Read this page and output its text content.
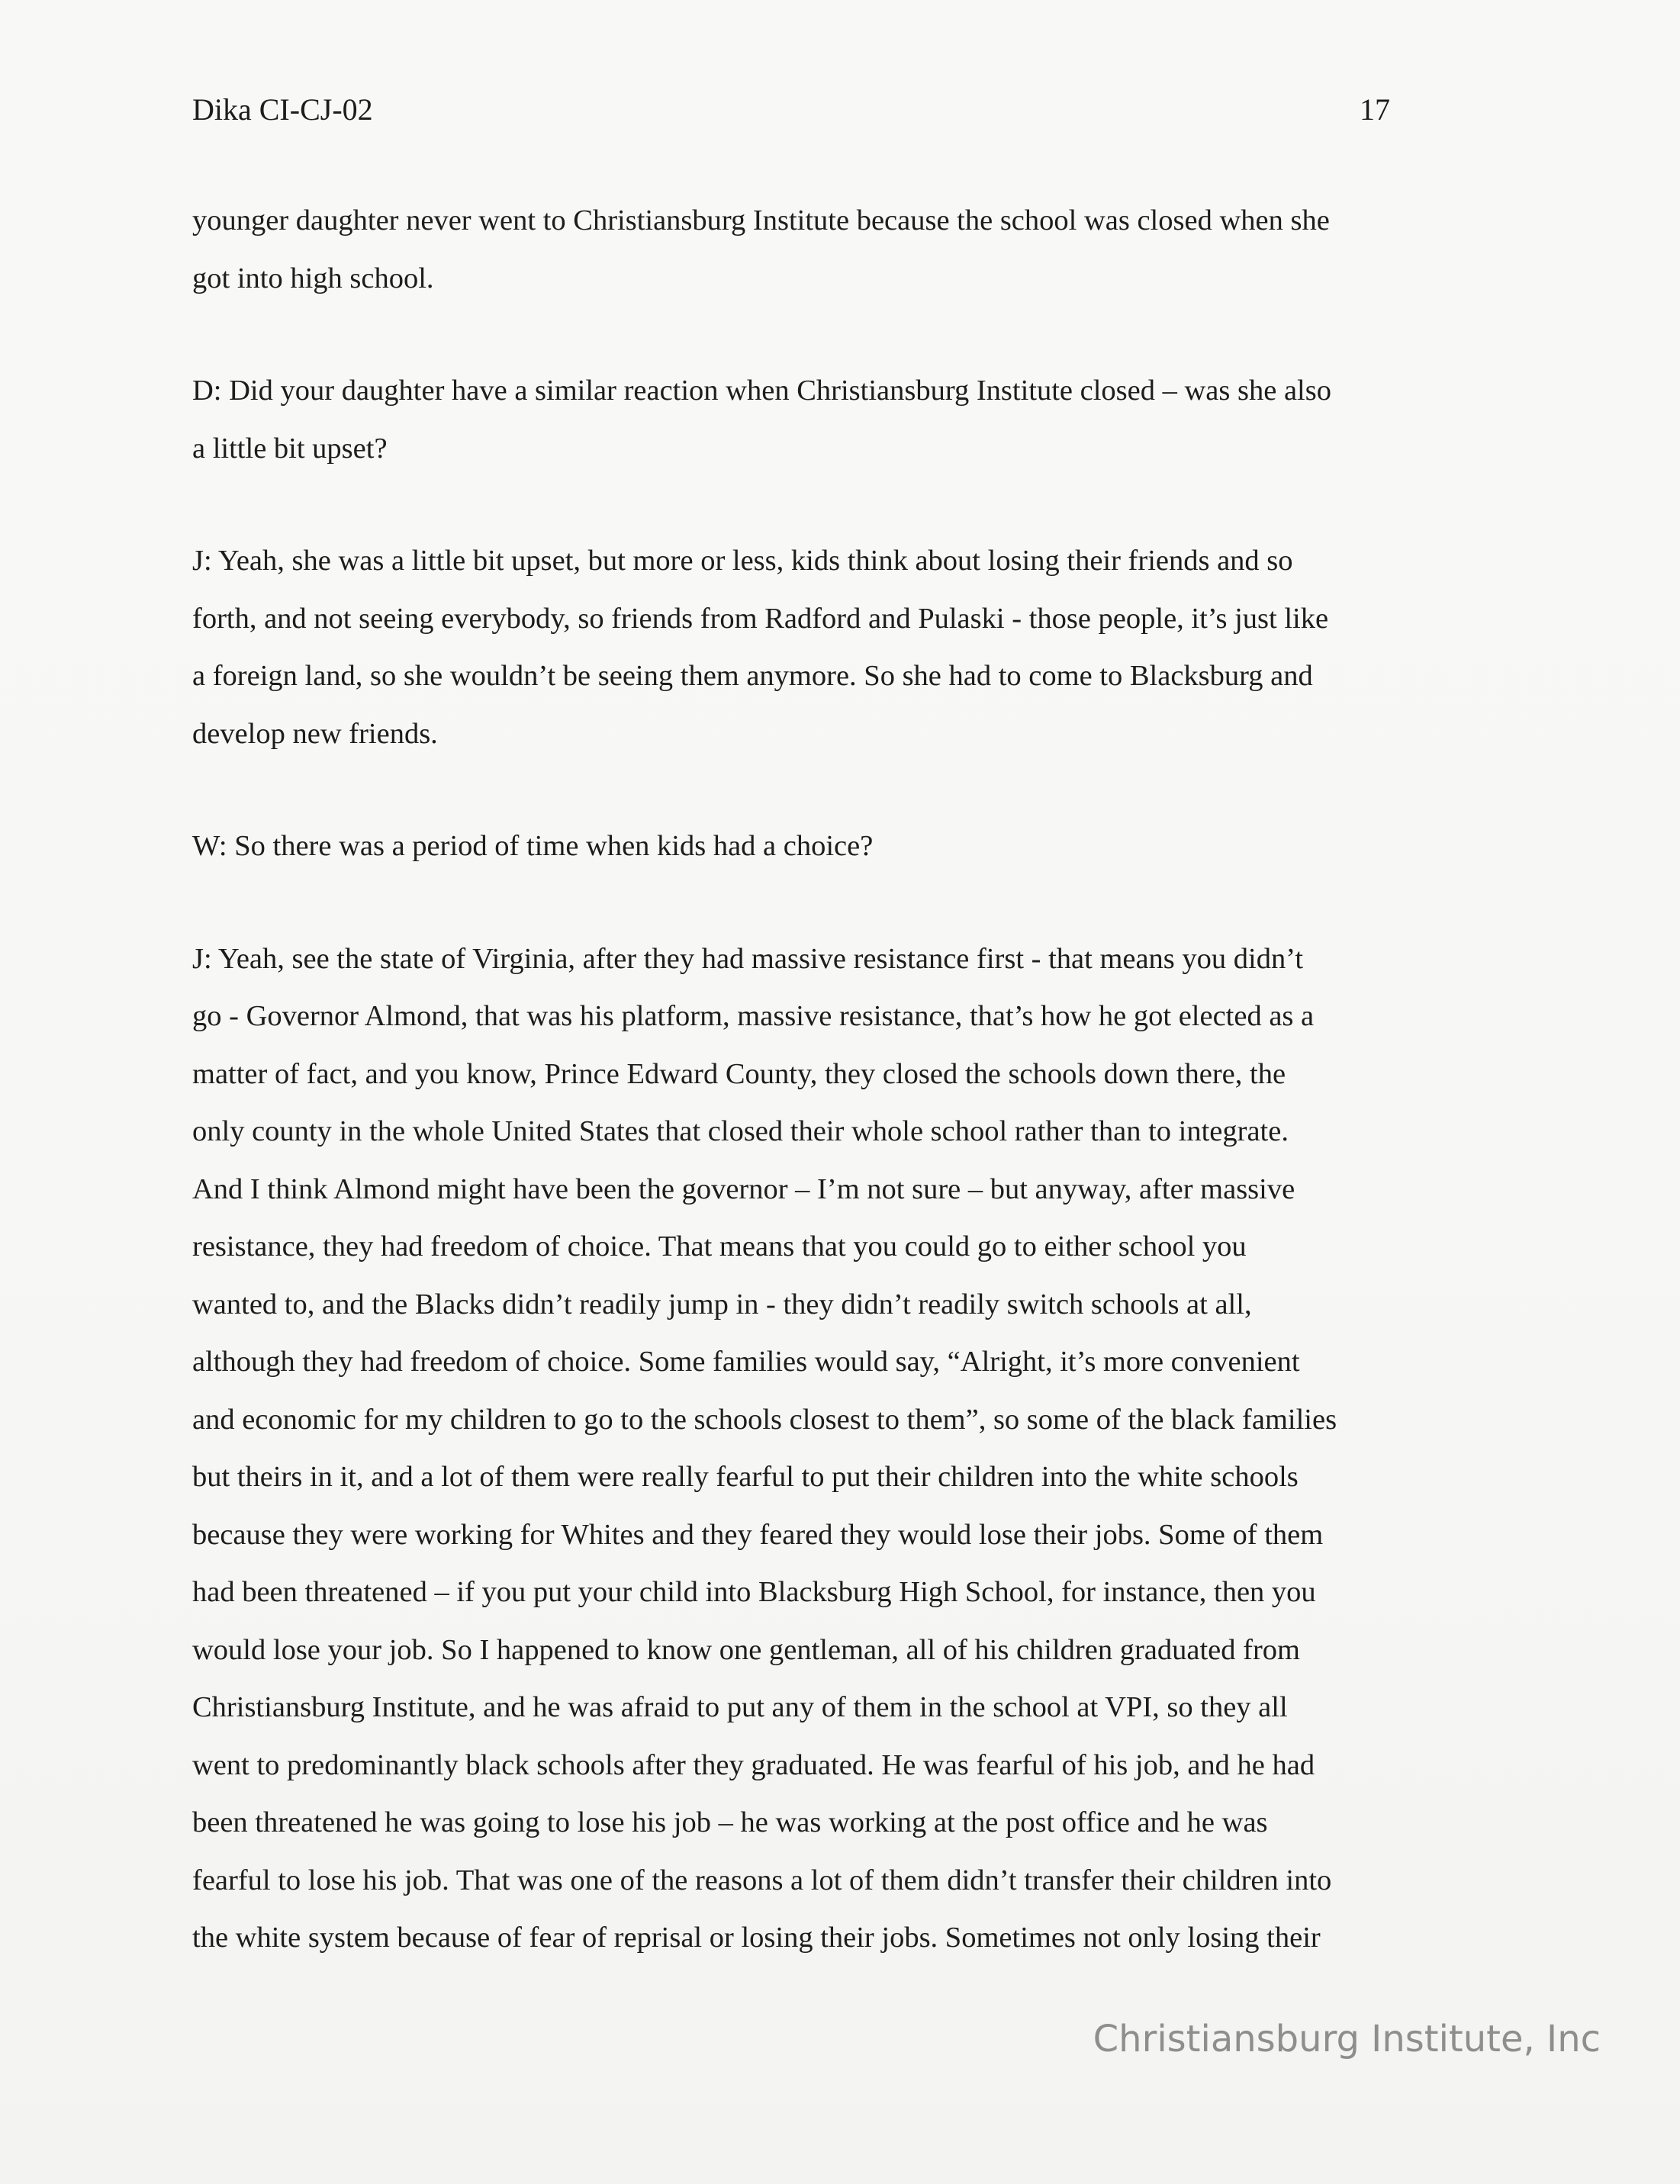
Dika CI-CJ-02	17
younger daughter never went to Christiansburg Institute because the school was closed when she
got into high school.
D: Did your daughter have a similar reaction when Christiansburg Institute closed – was she also
a little bit upset?
J: Yeah, she was a little bit upset, but more or less, kids think about losing their friends and so
forth, and not seeing everybody, so friends from Radford and Pulaski - those people, it’s just like
a foreign land, so she wouldn’t be seeing them anymore. So she had to come to Blacksburg and
develop new friends.
W: So there was a period of time when kids had a choice?
J: Yeah, see the state of Virginia, after they had massive resistance first - that means you didn’t
go - Governor Almond, that was his platform, massive resistance, that’s how he got elected as a
matter of fact, and you know, Prince Edward County, they closed the schools down there, the
only county in the whole United States that closed their whole school rather than to integrate.
And I think Almond might have been the governor – I’m not sure – but anyway, after massive
resistance, they had freedom of choice. That means that you could go to either school you
wanted to, and the Blacks didn’t readily jump in - they didn’t readily switch schools at all,
although they had freedom of choice. Some families would say, “Alright, it’s more convenient
and economic for my children to go to the schools closest to them”, so some of the black families
but theirs in it, and a lot of them were really fearful to put their children into the white schools
because they were working for Whites and they feared they would lose their jobs. Some of them
had been threatened – if you put your child into Blacksburg High School, for instance, then you
would lose your job. So I happened to know one gentleman, all of his children graduated from
Christiansburg Institute, and he was afraid to put any of them in the school at VPI, so they all
went to predominantly black schools after they graduated. He was fearful of his job, and he had
been threatened he was going to lose his job – he was working at the post office and he was
fearful to lose his job. That was one of the reasons a lot of them didn’t transfer their children into
the white system because of fear of reprisal or losing their jobs. Sometimes not only losing their
Christiansburg Institute, Inc
